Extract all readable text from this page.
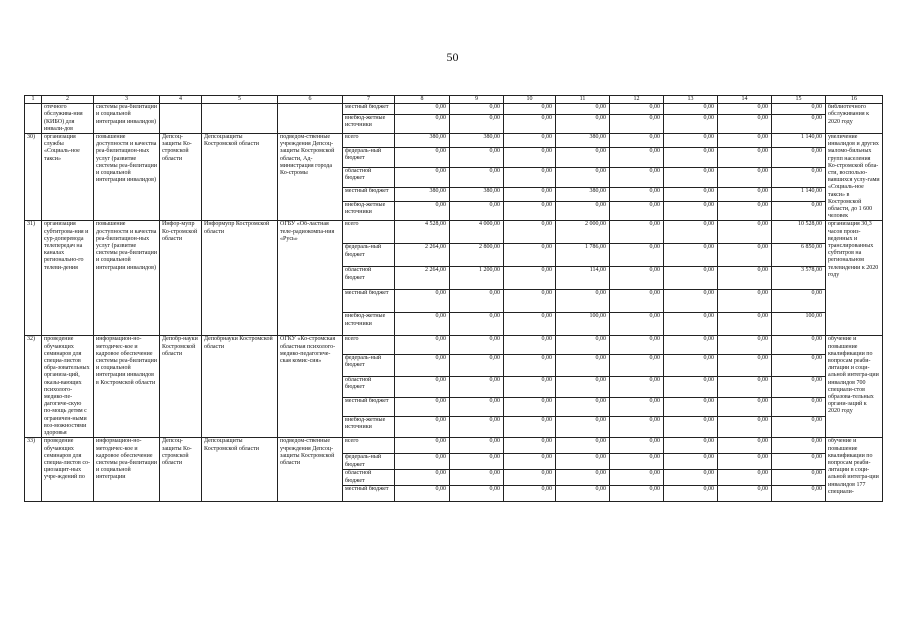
50
1	2	3	4	5	6	7	8	9	10	11	12	13	14	15	16
	отечного обслужива-ния (КИБО) для инвали-дов	системы реа-билитации и социальной интеграции инвалидов)				местный бюджет	0,00	0,00	0,00	0,00	0,00	0,00	0,00	0,00	библиотечного обслуживания к 2020 году
						внебюд-жетные источники	0,00	0,00	0,00	0,00	0,00	0,00	0,00	0,00	
30)	организация службы «Социаль-ное такси»	повышение доступности и качества реа-билитацион-ных услуг (развитие системы реа-билитации и социальной интеграции инвалидов)	Депсоц-защиты Ко-стромской области	Депсоцзащиты Костромской области	подведом-ственные учреждения Депсоц-защиты Костромской области, Ад-министрация города Ко-стромы	всего	380,00	380,00	0,00	380,00	0,00	0,00	0,00	1 140,00	увеличение инвалидов и других маломо-бильных групп населения Ко-стромской обла-сти, воспользо-вавшихся услу-гами «Социаль-ное такси» в Костромской области, до 1 600 человек
						федераль-ный бюджет	0,00	0,00	0,00	0,00	0,00	0,00	0,00	0,00	
						областной бюджет	0,00	0,00	0,00	0,00	0,00	0,00	0,00	0,00	
						местный бюджет	380,00	380,00	0,00	380,00	0,00	0,00	0,00	1 140,00	
						внебюд-жетные источники	0,00	0,00	0,00	0,00	0,00	0,00	0,00	0,00	
31)	организация субтитрова-ния и сур-доперевода телепередач на каналах регионально-го телеви-дения	повышение доступности и качества реа-билитацион-ных услуг (развитие системы реа-билитации и социальной интеграции инвалидов)	Инфор-мупр Ко-стромской области	Информупр Костромской области	ОГБУ «Об-ластная теле-радиокомпа-ния «Русь»	всего	4 528,00	4 000,00	0,00	2 000,00	0,00	0,00	0,00	10 528,00	организация 30,3 часов произ-веденных и транслированных субтитров на региональном телевидении к 2020 году
						федераль-ный бюджет	2 264,00	2 800,00	0,00	1 786,00	0,00	0,00	0,00	6 850,00	
						областной бюджет	2 264,00	1 200,00	0,00	114,00	0,00	0,00	0,00	3 578,00	
						местный бюджет	0,00	0,00	0,00	0,00	0,00	0,00	0,00	0,00	
						внебюд-жетные источники	0,00	0,00	0,00	100,00	0,00	0,00	0,00	100,00	
32)	проведение обучающих семинаров для специа-листов обра-зовательных организа-ций, оказы-вающих психолого-медико-пе-дагогиче-скую по-мощь детям с ограничен-ными воз-можностями здоровья	информацион-но-методичес-кое и кадровое обеспечение системы реа-билитации и социальной интеграции инвалидов в Костромской области	Депобр-науки Костромской области	Депобрнауки Костромской области	ОГКУ «Ко-стромская областная психолого-медико-педагогиче-ская комис-сия»	всего	0,00	0,00	0,00	0,00	0,00	0,00	0,00	0,00	обучение и повышение квалификации по вопросам реаби-литации и соци-альной интегра-ции инвалидов 700 специали-стов образова-тельных органи-заций к 2020 году
						федераль-ный бюджет	0,00	0,00	0,00	0,00	0,00	0,00	0,00	0,00	
						областной бюджет	0,00	0,00	0,00	0,00	0,00	0,00	0,00	0,00	
						местный бюджет	0,00	0,00	0,00	0,00	0,00	0,00	0,00	0,00	
						внебюд-жетные источники	0,00	0,00	0,00	0,00	0,00	0,00	0,00	0,00	
33)	проведение обучающих семинаров для специа-листов со-циозащит-ных учре-ждений по	информацион-но-методичес-кое и кадровое обеспечение системы реа-билитации и социальной интеграции	Депсоц-защиты Ко-стромской области	Депсоцзащиты Костромской области	подведом-ственные учреждения Депсоц-защиты Костромской области	всего	0,00	0,00	0,00	0,00	0,00	0,00	0,00	0,00	обучение и повышение квалификации по вопросам реаби-литации в соци-альной интегра-ции инвалидов 177 специали-
						федераль-ный бюджет	0,00	0,00	0,00	0,00	0,00	0,00	0,00	0,00	
						областной бюджет	0,00	0,00	0,00	0,00	0,00	0,00	0,00	0,00	
						местный бюджет	0,00	0,00	0,00	0,00	0,00	0,00	0,00	0,00	
